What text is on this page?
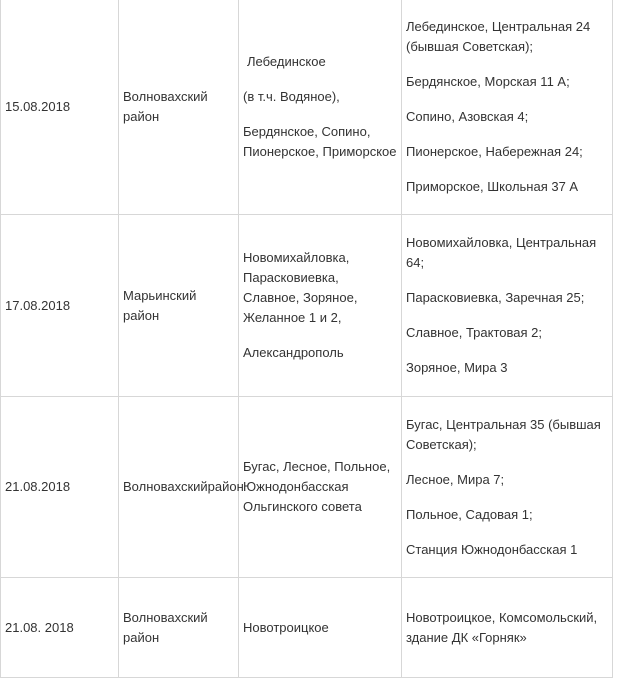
15.08.2018	Волновахский район	Лебединское
(в т.ч. Водяное),
Бердянское, Сопино, Пионерское, Приморское	Лебединское, Центральная 24 (бывшая Советская);
Бердянское, Морская 11 А;
Сопино, Азовская 4;
Пионерское, Набережная 24;
Приморское, Школьная 37 А

17.08.2018	Марьинский район	Новомихайловка, Парасковиевка, Славное, Зоряное, Желанное 1 и 2,
Александрополь	Новомихайловка, Центральная 64;
Парасковиевка, Заречная 25;
Славное, Трактовая 2;
Зоряное, Мира 3

21.08.2018	Волновахскийрайон	Бугас, Лесное, Польное, Южнодонбасская Ольгинского совета	Бугас, Центральная 35 (бывшая Советская);
Лесное, Мира 7;
Польное, Садовая 1;
Станция Южнодонбасская 1

21.08. 2018	Волновахский район	Новотроицкое	Новотроицкое, Комсомольский, здание ДК «Горняк»
